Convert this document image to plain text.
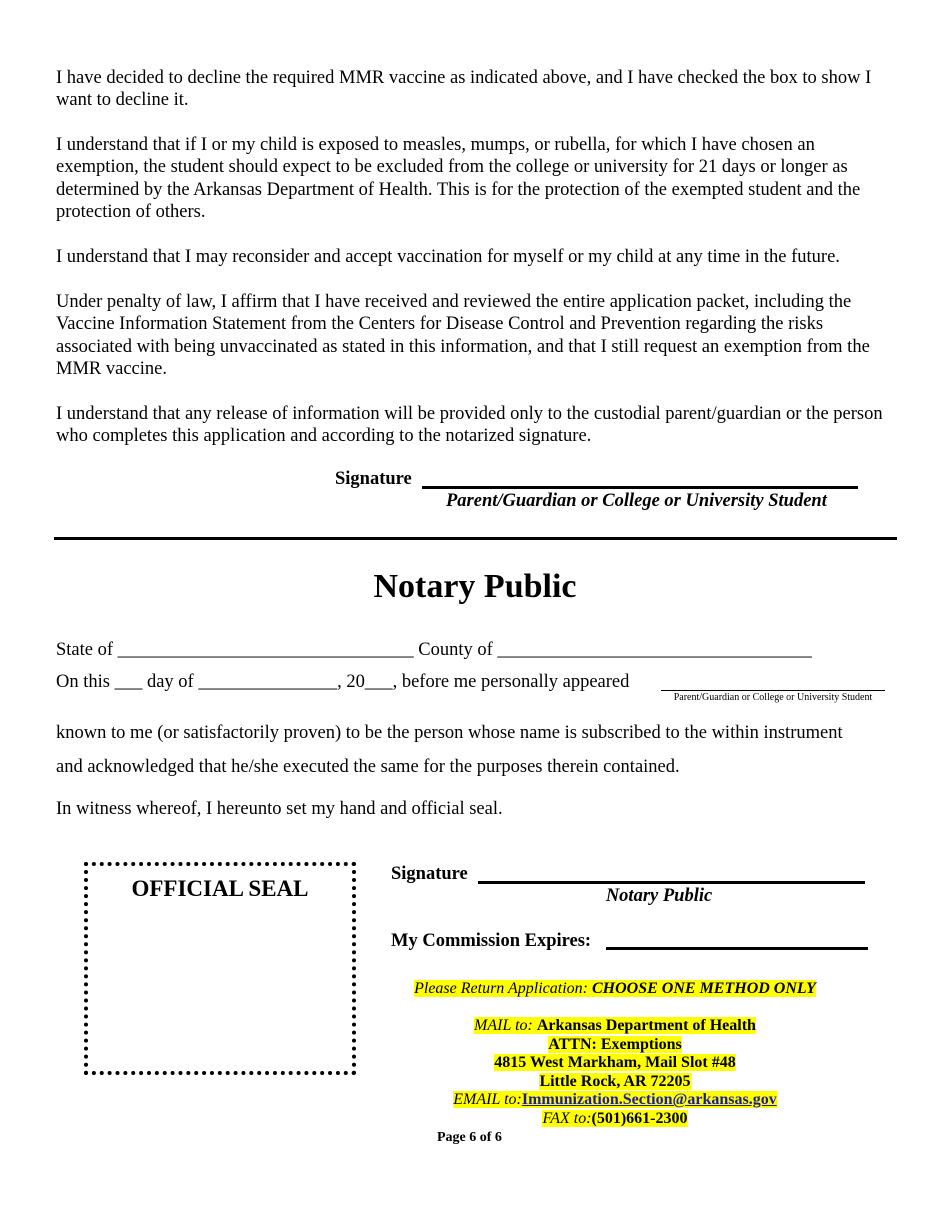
I have decided to decline the required MMR vaccine as indicated above, and I have checked the box to show I want to decline it.

I understand that if I or my child is exposed to measles, mumps, or rubella, for which I have chosen an exemption, the student should expect to be excluded from the college or university for 21 days or longer as determined by the Arkansas Department of Health. This is for the protection of the exempted student and the protection of others.

I understand that I may reconsider and accept vaccination for myself or my child at any time in the future.

Under penalty of law, I affirm that I have received and reviewed the entire application packet, including the Vaccine Information Statement from the Centers for Disease Control and Prevention regarding the risks associated with being unvaccinated as stated in this information, and that I still request an exemption from the MMR vaccine.

I understand that any release of information will be provided only to the custodial parent/guardian or the person who completes this application and according to the notarized signature.

Signature
Parent/Guardian or College or University Student
Notary Public
State of ________________________________ County of __________________________________
On this ___ day of _______________, 20___, before me personally appeared
Parent/Guardian or College or University Student
known to me (or satisfactorily proven) to be the person whose name is subscribed to the within instrument
and acknowledged that he/she executed the same for the purposes therein contained.
In witness whereof, I hereunto set my hand and official seal.
OFFICIAL SEAL
Signature
Notary Public
My Commission Expires:
Please Return Application: CHOOSE ONE METHOD ONLY
MAIL to: Arkansas Department of Health
ATTN: Exemptions
4815 West Markham, Mail Slot #48
Little Rock, AR 72205
EMAIL to:Immunization.Section@arkansas.gov
FAX to:(501)661-2300
Page 6 of 6
